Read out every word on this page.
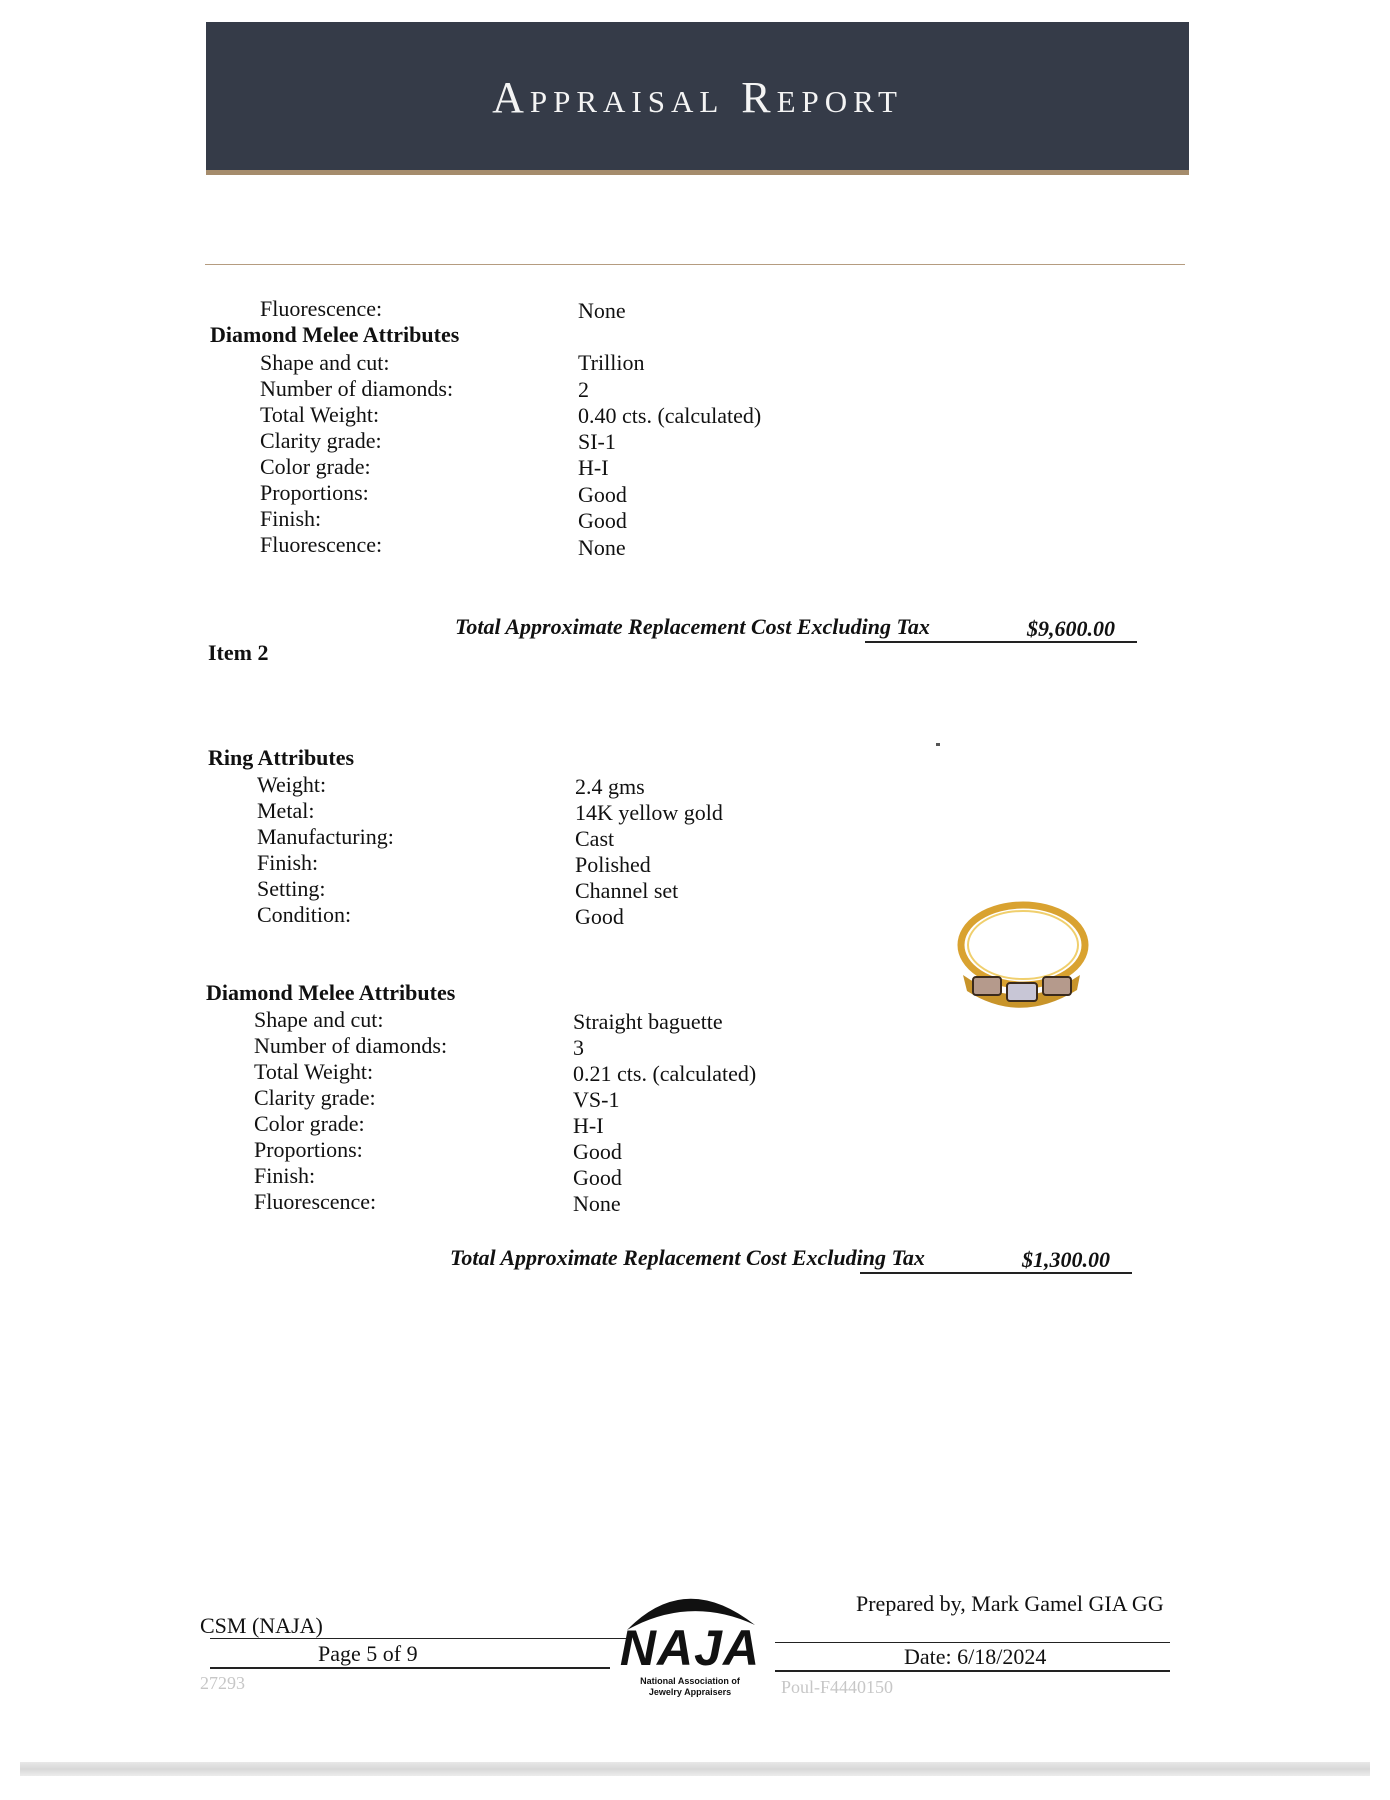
Appraisal Report
Fluorescence:	None
Diamond Melee Attributes
Shape and cut:	Trillion
Number of diamonds:	2
Total Weight:	0.40 cts. (calculated)
Clarity grade:	SI-1
Color grade:	H-I
Proportions:	Good
Finish:	Good
Fluorescence:	None
Total Approximate Replacement Cost Excluding Tax	$9,600.00
Item 2
Ring Attributes
Weight:	2.4 gms
Metal:	14K yellow gold
Manufacturing:	Cast
Finish:	Polished
Setting:	Channel set
Condition:	Good
Diamond Melee Attributes
Shape and cut:	Straight baguette
Number of diamonds:	3
Total Weight:	0.21 cts. (calculated)
Clarity grade:	VS-1
Color grade:	H-I
Proportions:	Good
Finish:	Good
Fluorescence:	None
Total Approximate Replacement Cost Excluding Tax	$1,300.00
CSM (NAJA)
Page 5 of 9
27293
NAJA
National Association of
Jewelry Appraisers
Prepared by, Mark Gamel GIA GG
Date: 6/18/2024
Poul-F4440150
